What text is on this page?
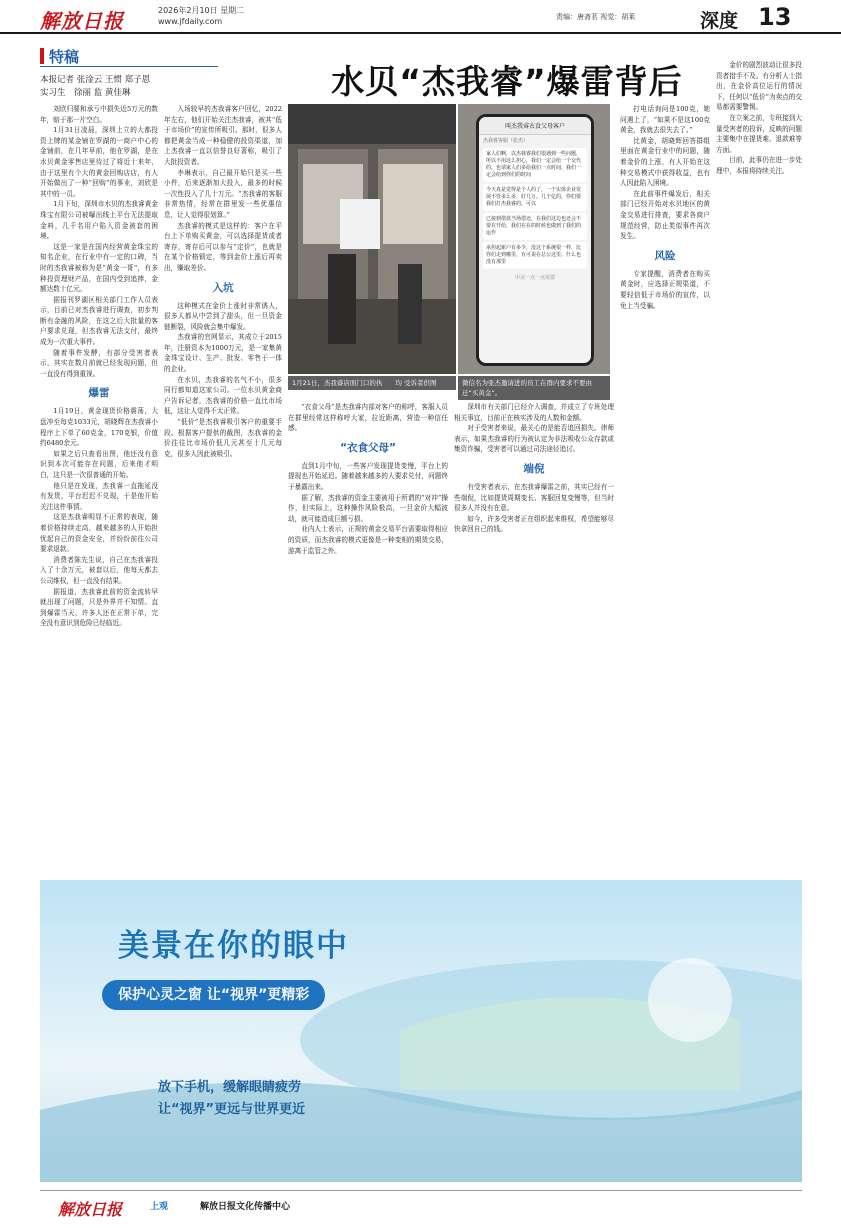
解放日报	2026年2月10日 星期二
www.jfdaily.com	责编：唐斋茗 视觉：胡莱	深度 13
特稿
本报记者 张淦云 王惯 郑子恩
实习生　徐丽 监 黄佳琳	水贝“杰我睿”爆雷背后

刘欣归要和承亏中损失近5万元的数年，赔于那一片空白。

1月31日凌晨，深圳上立的大都投资上牌的某金铺在罗湖的一商户中心的金铺前，在几年早前，他在罗湖，是在水贝黄金零售店里待过了将近十来年，由于这里有个大的黄金回购店店，有人开始做出了一种“回购”的事业，刘欣是其中的一员。

1月下旬，深圳市水贝的杰我睿黄金珠宝有限公司被曝出线上平台无法提取金料，几千名用户陷入资金被套的困境。

这是一家是在国内经营黄金珠宝的知名企业，在行业中有一定的口碑，当时的杰我睿被称为是“黄金一哥”，有多种投资理财产品，在国内受到追捧，金额达数十亿元。

据报刊罗湖区相关部门工作人员表示，目前已对杰我睿进行调查，初步判断有金融的风险，在这之后大批量的客户要求兑现，但杰我睿无法支付，最终成为一次重大事件。

随着事件发酵，有部分受害者表示，其实在数月前就已经发现问题，但一直没有得到重视。

爆雷

1月19日，黄金现货价格震荡，大盘冲至每克1033元，胡晓辉在杰我睿小程序上下单了60克金，170克银，价值约6480余元。

如果之后只查看出图，他还没有意识到本次可能存在问题，后来他才明白，这只是一次很普通的开始。

他只是在发现，杰我睿一直拖延没有发货，平台迟迟不兑现，于是他开始关注这件事情。

这是杰我睿明显不正常的表现，随着价格持续走高，越来越多的人开始担忧起自己的资金安全，并纷纷前往公司要求退款。

消费者陈先生说，自己在杰我睿投入了十余万元，被套以后，他每天都去公司维权，但一直没有结果。

据报道，杰我睿此前的资金流转早就出现了问题，只是外界并不知情。直到爆雷当天，许多人还在正常下单，完全没有意识到危险已经临近。

入场较早的杰我睿客户回忆，2022年左右，他们开始关注杰我睿，被其“低于市场价”的宣传所吸引。那时，很多人都把黄金当成一种稳健的投资渠道，加上杰我睿一直以信誉良好著称，吸引了大批投资者。

李琳表示，自己最开始只是买一些小件，后来逐渐加大投入，最多的时候一次性投入了几十万元。“杰我睿的客服非常热情，经常在群里发一些优惠信息，让人觉得很划算。”

杰我睿的模式是这样的：客户在平台上下单购买黄金，可以选择提货或者寄存，寄存后可以参与“定价”，也就是在某个价格锁定，等到金价上涨后再卖出，赚取差价。

入坑

这种模式在金价上涨时非常诱人，很多人都从中尝到了甜头，但一旦资金链断裂，风险就会集中爆发。

杰我睿的官网显示，其成立于2015年，注册资本为1000万元，是一家集黄金珠宝设计、生产、批发、零售于一体的企业。

在水贝，杰我睿的名气不小，很多同行都知道这家公司。一位水贝黄金商户告诉记者，杰我睿的价格一直比市场低，这让人觉得不太正常。

“低价”是杰我睿吸引客户的重要手段。根据客户提供的截图，杰我睿的金价往往比市场价低几元甚至十几元每克，很多人因此被吸引。

1月21日，杰我睿店面门口的执　　均 受诉者供图
叫杰我睿衣食父母客户
杰我睿客服（张杰）
家人们啊，以杰我睿我们很遇到一些问题，所以不用这么担心，我们一定会给一个交代的，也请家人们多给我们一点时间，我们一定会给到你们的时间
今天真是觉得是个人的了，一个实体企业发展不管多么多，好几万，几个亿的，你们要我们打杰我睿的，可以
已接到借款当场借还，在我们这边也还会不要在开给，我们在在的时候也做到了我们的运作
承担起新户有多少，没这个系统很一样，比你们走到哪里，有可说在总公这里，什么也没有那里
中美一点一点需要
微信名为张杰邀请进的员工在群内要求不要由迁“买黄金”。

“衣食父母”是杰我睿内部对客户的称呼，客服人员在群里经常这样称呼大家，拉近距离，营造一种信任感。

“衣食父母”

直到1月中旬，一些客户发现提货变慢，平台上的提现也开始延迟。随着越来越多的人要求兑付，问题终于暴露出来。

据了解，杰我睿的资金主要被用于所谓的“对冲”操作，但实际上，这种操作风险极高，一旦金价大幅波动，就可能造成巨额亏损。

业内人士表示，正规的黄金交易平台需要取得相应的资质，而杰我睿的模式更像是一种变相的期货交易，游离于监管之外。

深圳市有关部门已经介入调查，并成立了专班处理相关事宜，目前正在核实涉及的人数和金额。

对于受害者来说，最关心的是能否追回损失。律师表示，如果杰我睿的行为被认定为非法吸收公众存款或集资诈骗，受害者可以通过司法途径追讨。

端倪

有受害者表示，在杰我睿爆雷之前，其实已经有一些端倪，比如提货周期变长、客服回复变慢等，但当时很多人并没有在意。

如今，许多受害者正在组织起来维权，希望能够尽快拿回自己的钱。

打电话询问是100克，她问遇上了，“如果不是这100克黄金，我就去很失去了。”

比黄金，胡晓辉回答群组里面在黄金行业中的问题，随着金价的上涨，有人开始在这种交易模式中获得收益，也有人因此陷入困境。

在此前事件爆发后，相关部门已经开始对水贝地区的黄金交易进行排查，要求各商户规范经营，防止类似事件再次发生。

风险

专家提醒，消费者在购买黄金时，应选择正规渠道，不要轻信低于市场价的宣传，以免上当受骗。

金价的剧烈波动让很多投资者措手不及。有分析人士指出，在金价高位运行的情况下，任何以“低价”为卖点的交易都需要警惕。

在立案之前，专班接到大量受害者的投诉，反映的问题主要集中在提货难、退款难等方面。

目前，此事仍在进一步处理中，本报将持续关注。

美景在你的眼中
保护心灵之窗 让“视界”更精彩
放下手机，缓解眼睛疲劳
让“视界”更远与世界更近
解放日报	上观	解放日报文化传播中心
